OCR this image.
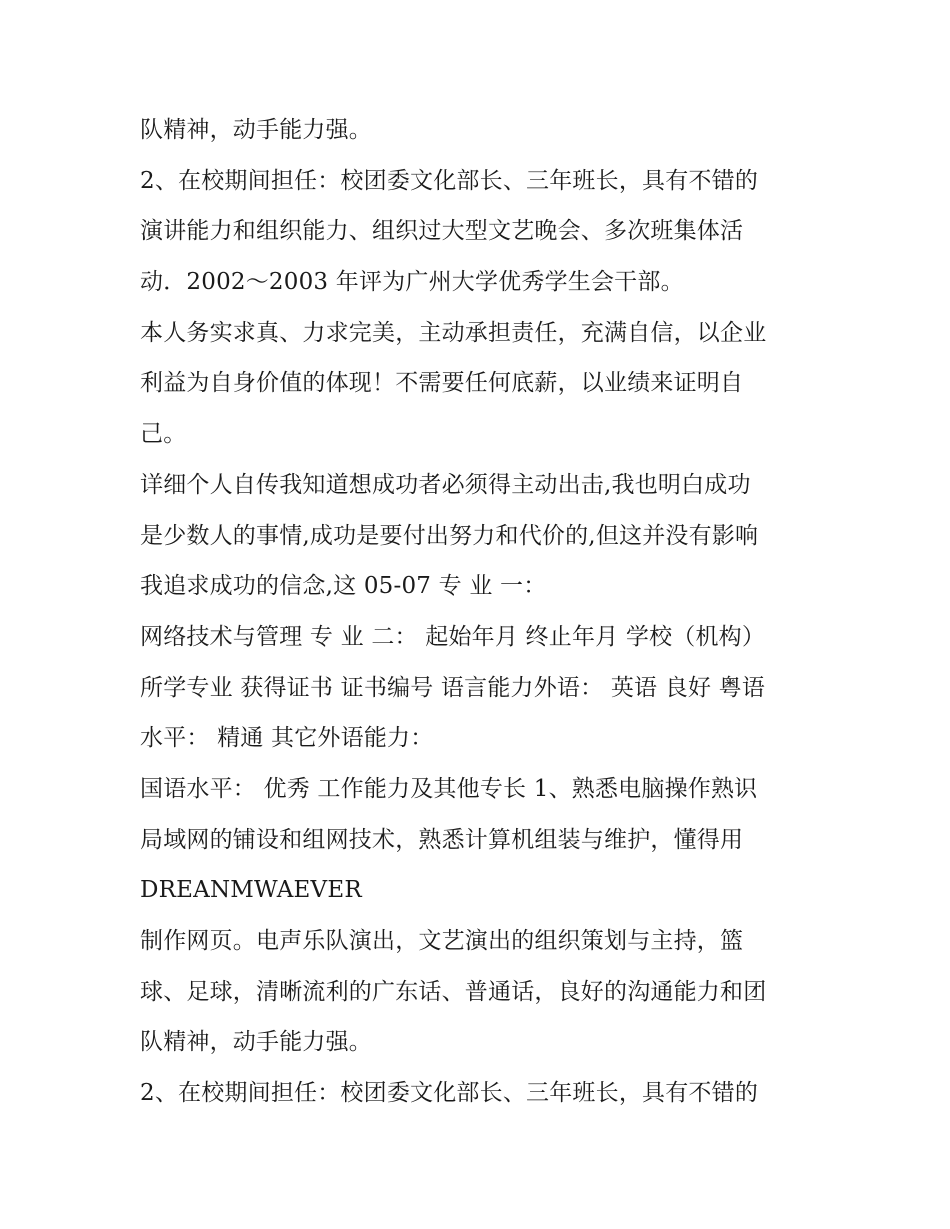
队精神，动手能力强。
2、在校期间担任：校团委文化部长、三年班长，具有不错的
演讲能力和组织能力、组织过大型文艺晚会、多次班集体活
动．2002～2003 年评为广州大学优秀学生会干部。
本人务实求真、力求完美，主动承担责任，充满自信，以企业
利益为自身价值的体现！不需要任何底薪，以业绩来证明自
己。
详细个人自传我知道想成功者必须得主动出击,我也明白成功
是少数人的事情,成功是要付出努力和代价的,但这并没有影响
我追求成功的信念,这 05-07 专 业 一：
网络技术与管理 专 业 二： 起始年月 终止年月 学校（机构）
所学专业 获得证书 证书编号 语言能力外语： 英语 良好 粤语
水平： 精通 其它外语能力：
国语水平： 优秀 工作能力及其他专长 1、熟悉电脑操作熟识
局域网的铺设和组网技术，熟悉计算机组装与维护，懂得用
DREANMWAEVER
制作网页。电声乐队演出，文艺演出的组织策划与主持，篮
球、足球，清晰流利的广东话、普通话，良好的沟通能力和团
队精神，动手能力强。
2、在校期间担任：校团委文化部长、三年班长，具有不错的
